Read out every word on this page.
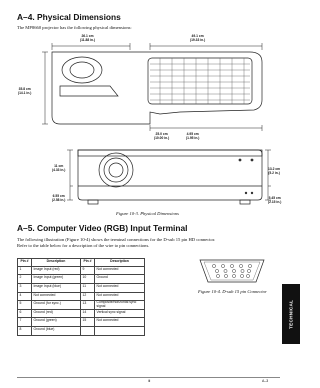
A–4. Physical Dimensions
The MP8660 projector has the following physical dimensions:
26.1 cm
(11.88 in.)
49.1 cm
(19.33 in.)
35.8 cm
(14.1 in.)
25.0 cm
(10.00 in.)
4.95 cm
(1.95 in.)
11 cm
(4.33 in.)
6.55 cm
(2.58 in.)
13.2 cm
(5.2 in.)
5.45 cm
(2.15 in.)
Figure 10-3. Physical Dimensions
A–5. Computer Video (RGB) Input Terminal
The following illustration (Figure 10-4) shows the terminal connections for the D-sub 15 pin HD connector.
Refer to the table below for a description of the wire to pin connections.
Pin #	Description	Pin #	Description
1	Image Input (red)	9	Not connected
2	Image Input (green)	10	Ground
3	Image Input (blue)	11	Not connected
4	Not connected	12	Not connected
5	Ground (for sync.)	13	Composite/horizontal sync signal
6	Ground (red)	14	Vertical sync signal
7	Ground (green)	15	Not connected
8	Ground (blue)		
Figure 10-4. D-sub 15 pin Connector
TECHNICAL
iii	A–3
